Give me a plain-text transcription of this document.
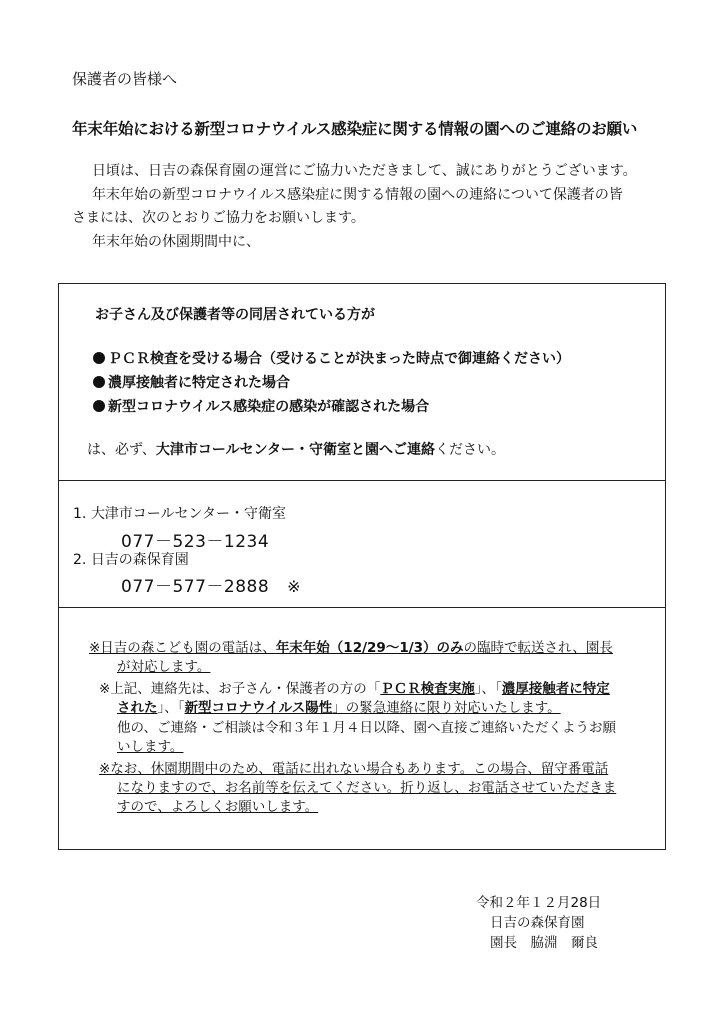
保護者の皆様へ
年末年始における新型コロナウイルス感染症に関する情報の園へのご連絡のお願い
日頃は、日吉の森保育園の運営にご協力いただきまして、誠にありがとうございます。
年末年始の新型コロナウイルス感染症に関する情報の園への連絡について保護者の皆
さまには、次のとおりご協力をお願いします。
年末年始の休園期間中に、
お子さん及び保護者等の同居されている方が
ＰＣＲ検査を受ける場合（受けることが決まった時点で御連絡ください）
濃厚接触者に特定された場合
新型コロナウイルス感染症の感染が確認された場合
は、必ず、大津市コールセンター・守衛室と園へご連絡ください。
1. 大津市コールセンター・守衛室
077－523－1234
2. 日吉の森保育園
077－577－2888 ※
※日吉の森こども園の電話は、年末年始（12/29～1/3）のみの臨時で転送され、園長
が対応します。
※上記、連絡先は、お子さん・保護者の方の「ＰＣＲ検査実施」、「濃厚接触者に特定
された」、「新型コロナウイルス陽性」の緊急連絡に限り対応いたします。
他の、ご連絡・ご相談は令和３年１月４日以降、園へ直接ご連絡いただくようお願
いします。
※なお、休園期間中のため、電話に出れない場合もあります。この場合、留守番電話
になりますので、お名前等を伝えてください。折り返し、お電話させていただきま
すので、よろしくお願いします。
令和２年１２月28日
日吉の森保育園
園長　脇淵　爾良
